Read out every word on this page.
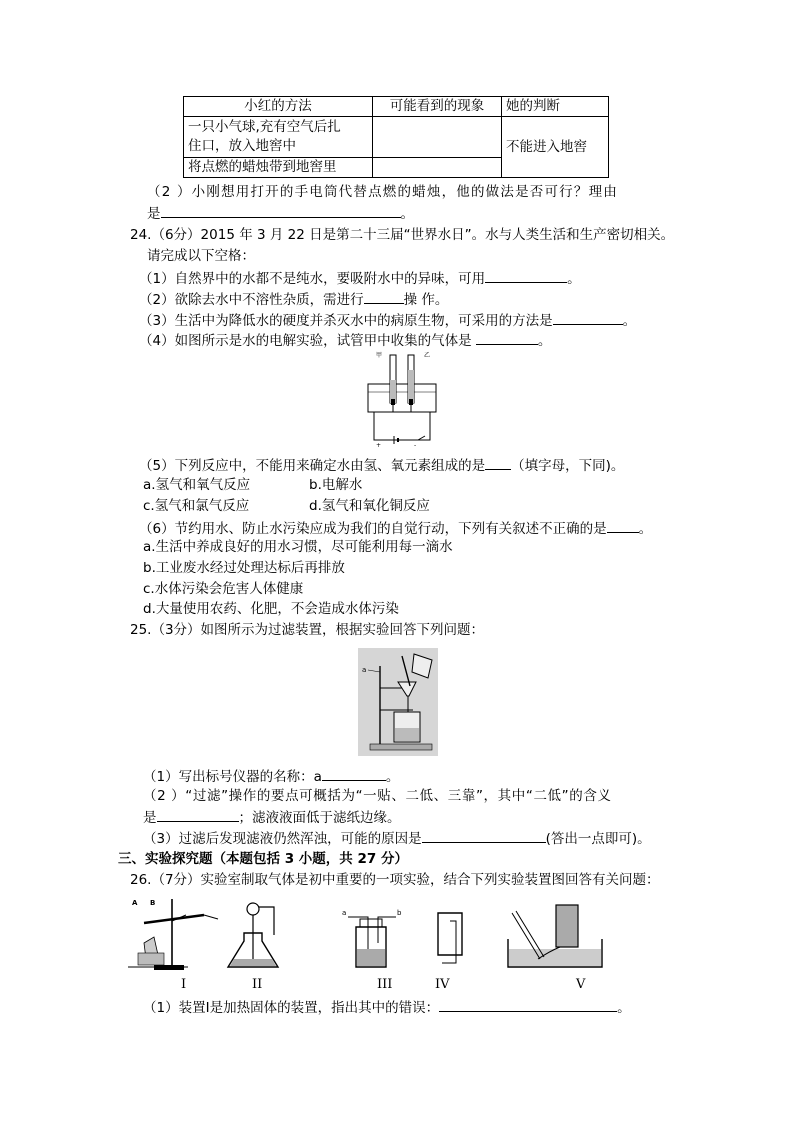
小红的方法	可能看到的现象	她的判断

一只小气球,充有空气后扎
住口，放入地窖中		不能进入地窖
将点燃的蜡烛带到地窖里		
（2 ）小刚想用打开的手电筒代替点燃的蜡烛，他的做法是否可行？理由
是	。
24.（6分）2015 年 3 月 22 日是第二十三届“世界水日”。水与人类生活和生产密切相关。
请完成以下空格：
（1）自然界中的水都不是纯水，要吸附水中的异味，可用	。
（2）欲除去水中不溶性杂质，需进行	操 作。
（3）生活中为降低水的硬度并杀灭水中的病原生物，可采用的方法是	。
（4）如图所示是水的电解实验，试管甲中收集的气体是	。
甲	乙
+	-
（5）下列反应中，不能用来确定水由氢、氧元素组成的是 （填字母，下同)。
a.氢气和氧气反应	b.电解水
c.氢气和氯气反应	d.氢气和氧化铜反应
（6）节约用水、防止水污染应成为我们的自觉行动，下列有关叙述不正确的是 。
a.生活中养成良好的用水习惯，尽可能利用每一滴水
b.工业废水经过处理达标后再排放
c.水体污染会危害人体健康
d.大量使用农药、化肥，不会造成水体污染
25.（3分）如图所示为过滤装置，根据实验回答下列问题：
a
（1）写出标号仪器的名称：a	。
（2 ）“过滤”操作的要点可概括为“一贴、二低、三靠”，其中“二低”的含义
是	；滤液液面低于滤纸边缘。
（3）过滤后发现滤液仍然浑浊，可能的原因是	(答出一点即可)。
三、实验探究题（本题包括 3 小题，共 27 分）
26.（7分）实验室制取气体是初中重要的一项实验，结合下列实验装置图回答有关问题：
A B
I	II
a	b
III	IV	V
（1）装置Ⅰ是加热固体的装置，指出其中的错误：	。
